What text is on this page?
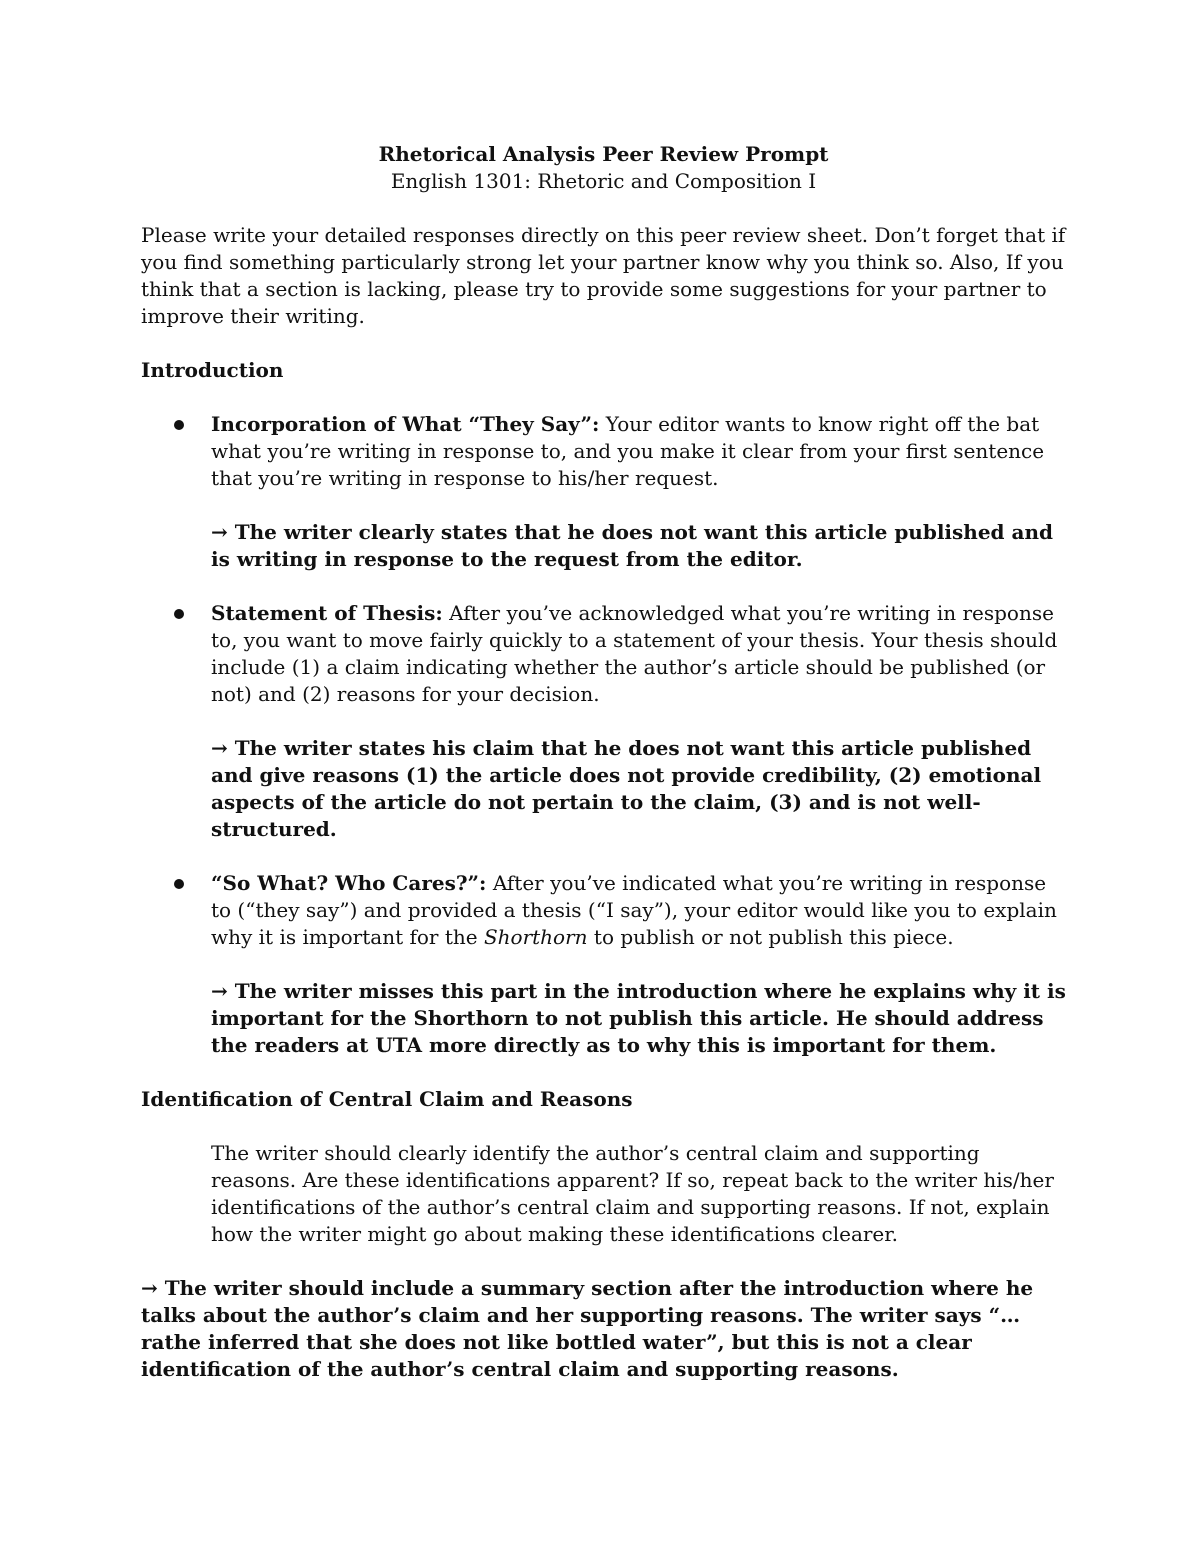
Rhetorical Analysis Peer Review Prompt

English 1301: Rhetoric and Composition I

Please write your detailed responses directly on this peer review sheet. Don’t forget that if you find something particularly strong let your partner know why you think so. Also, If you think that a section is lacking, please try to provide some suggestions for your partner to improve their writing.

Introduction

Incorporation of What “They Say”: Your editor wants to know right off the bat what you’re writing in response to, and you make it clear from your first sentence that you’re writing in response to his/her request.

→ The writer clearly states that he does not want this article published and is writing in response to the request from the editor.

Statement of Thesis: After you’ve acknowledged what you’re writing in response to, you want to move fairly quickly to a statement of your thesis. Your thesis should include (1) a claim indicating whether the author’s article should be published (or not) and (2) reasons for your decision.

→ The writer states his claim that he does not want this article published and give reasons (1) the article does not provide credibility, (2) emotional aspects of the article do not pertain to the claim, (3) and is not well-structured.

“So What? Who Cares?”: After you’ve indicated what you’re writing in response to (“they say”) and provided a thesis (“I say”), your editor would like you to explain why it is important for the Shorthorn to publish or not publish this piece.

→ The writer misses this part in the introduction where he explains why it is important for the Shorthorn to not publish this article. He should address the readers at UTA more directly as to why this is important for them.

Identification of Central Claim and Reasons

The writer should clearly identify the author’s central claim and supporting reasons. Are these identifications apparent? If so, repeat back to the writer his/her identifications of the author’s central claim and supporting reasons. If not, explain how the writer might go about making these identifications clearer.

→ The writer should include a summary section after the introduction where he talks about the author’s claim and her supporting reasons. The writer says “… rathe inferred that she does not like bottled water”, but this is not a clear identification of the author’s central claim and supporting reasons.
